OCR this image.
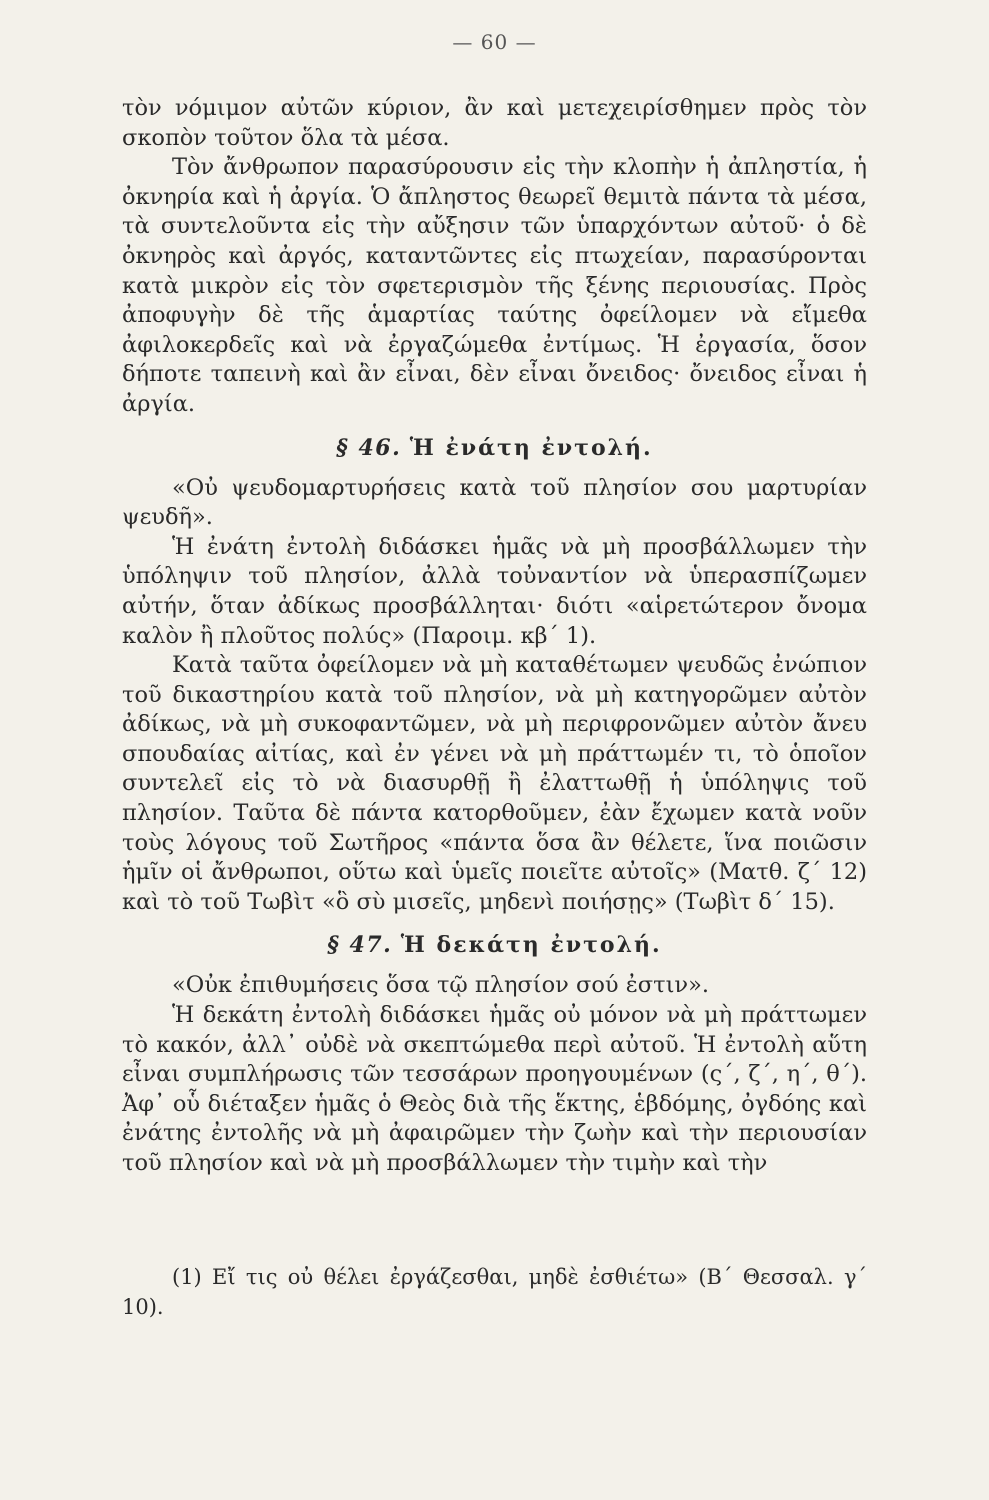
— 60 —

τὸν νόμιμον αὐτῶν κύριον, ἂν καὶ μετεχειρίσθημεν πρὸς τὸν σκοπὸν τοῦτον ὅλα τὰ μέσα.

Τὸν ἄνθρωπον παρασύρουσιν εἰς τὴν κλοπὴν ἡ ἀπληστία, ἡ ὀκνηρία καὶ ἡ ἀργία. Ὁ ἄπληστος θεωρεῖ θεμιτὰ πάντα τὰ μέσα, τὰ συντελοῦντα εἰς τὴν αὔξησιν τῶν ὑπαρχόντων αὐτοῦ· ὁ δὲ ὀκνηρὸς καὶ ἀργός, καταντῶντες εἰς πτωχείαν, παρασύρονται κατὰ μικρὸν εἰς τὸν σφετερισμὸν τῆς ξένης περιουσίας. Πρὸς ἀποφυγὴν δὲ τῆς ἁμαρτίας ταύτης ὀφείλομεν νὰ εἴμεθα ἀφιλοκερδεῖς καὶ νὰ ἐργαζώμεθα ἐντίμως. Ἡ ἐργασία, ὅσον δήποτε ταπεινὴ καὶ ἂν εἶναι, δὲν εἶναι ὄνειδος· ὄνειδος εἶναι ἡ ἀργία.

§ 46. Ἡ ἐνάτη ἐντολή.

«Οὐ ψευδομαρτυρήσεις κατὰ τοῦ πλησίον σου μαρτυρίαν ψευδῆ».

Ἡ ἐνάτη ἐντολὴ διδάσκει ἡμᾶς νὰ μὴ προσβάλλωμεν τὴν ὑπόληψιν τοῦ πλησίον, ἀλλὰ τοὐναντίον νὰ ὑπερασπίζωμεν αὐτήν, ὅταν ἀδίκως προσβάλληται· διότι «αἱρετώτερον ὄνομα καλὸν ἢ πλοῦτος πολύς» (Παροιμ. κβ΄ 1).

Κατὰ ταῦτα ὀφείλομεν νὰ μὴ καταθέτωμεν ψευδῶς ἐνώπιον τοῦ δικαστηρίου κατὰ τοῦ πλησίον, νὰ μὴ κατηγορῶμεν αὐτὸν ἀδίκως, νὰ μὴ συκοφαντῶμεν, νὰ μὴ περιφρονῶμεν αὐτὸν ἄνευ σπουδαίας αἰτίας, καὶ ἐν γένει νὰ μὴ πράττωμέν τι, τὸ ὁποῖον συντελεῖ εἰς τὸ νὰ διασυρθῇ ἢ ἐλαττωθῇ ἡ ὑπόληψις τοῦ πλησίον. Ταῦτα δὲ πάντα κατορθοῦμεν, ἐὰν ἔχωμεν κατὰ νοῦν τοὺς λόγους τοῦ Σωτῆρος «πάντα ὅσα ἂν θέλετε, ἵνα ποιῶσιν ἡμῖν οἱ ἄνθρωποι, οὕτω καὶ ὑμεῖς ποιεῖτε αὐτοῖς» (Ματθ. ζ΄ 12) καὶ τὸ τοῦ Τωβὶτ «ὃ σὺ μισεῖς, μηδενὶ ποιήσῃς» (Τωβὶτ δ΄ 15).

§ 47. Ἡ δεκάτη ἐντολή.

«Οὐκ ἐπιθυμήσεις ὅσα τῷ πλησίον σού ἐστιν».

Ἡ δεκάτη ἐντολὴ διδάσκει ἡμᾶς οὐ μόνον νὰ μὴ πράττωμεν τὸ κακόν, ἀλλ᾽ οὐδὲ νὰ σκεπτώμεθα περὶ αὐτοῦ. Ἡ ἐντολὴ αὕτη εἶναι συμπλήρωσις τῶν τεσσάρων προηγουμένων (ς΄, ζ΄, η΄, θ΄). Ἀφ᾽ οὗ διέταξεν ἡμᾶς ὁ Θεὸς διὰ τῆς ἕκτης, ἑβδόμης, ὀγδόης καὶ ἐνάτης ἐντολῆς νὰ μὴ ἀφαιρῶμεν τὴν ζωὴν καὶ τὴν περιουσίαν τοῦ πλησίον καὶ νὰ μὴ προσβάλλωμεν τὴν τιμὴν καὶ τὴν

(1) Εἴ τις οὐ θέλει ἐργάζεσθαι, μηδὲ ἐσθιέτω» (Β΄ Θεσσαλ. γ΄ 10).
